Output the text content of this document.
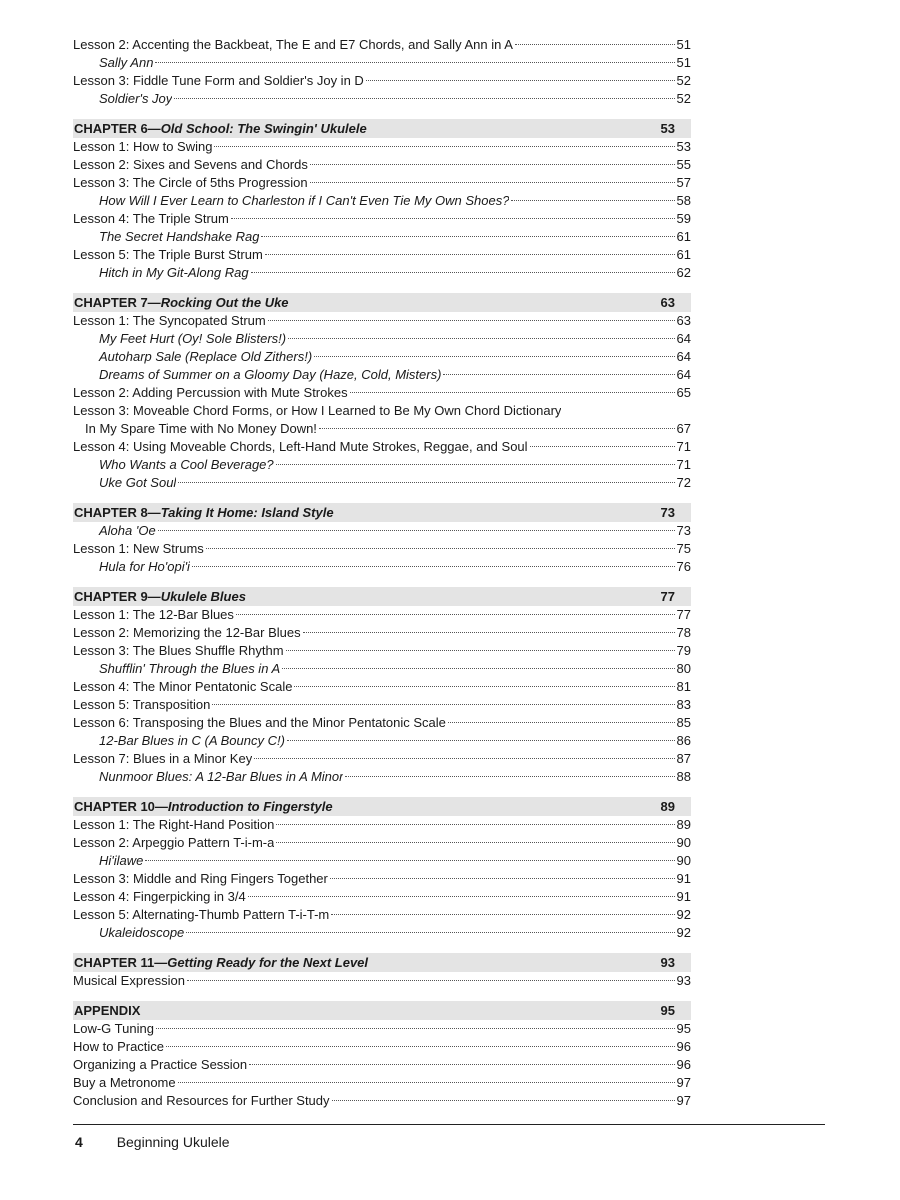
Lesson 2: Accenting the Backbeat, The E and E7 Chords, and Sally Ann in A	51
Sally Ann	51
Lesson 3: Fiddle Tune Form and Soldier's Joy in D	52
Soldier's Joy	52
CHAPTER 6—Old School: The Swingin' Ukulele	53
Lesson 1: How to Swing	53
Lesson 2: Sixes and Sevens and Chords	55
Lesson 3: The Circle of 5ths Progression	57
How Will I Ever Learn to Charleston if I Can't Even Tie My Own Shoes?	58
Lesson 4: The Triple Strum	59
The Secret Handshake Rag	61
Lesson 5: The Triple Burst Strum	61
Hitch in My Git-Along Rag	62
CHAPTER 7—Rocking Out the Uke	63
Lesson 1: The Syncopated Strum	63
My Feet Hurt (Oy! Sole Blisters!)	64
Autoharp Sale (Replace Old Zithers!)	64
Dreams of Summer on a Gloomy Day (Haze, Cold, Misters)	64
Lesson 2: Adding Percussion with Mute Strokes	65
Lesson 3: Moveable Chord Forms, or How I Learned to Be My Own Chord Dictionary
In My Spare Time with No Money Down!	67
Lesson 4: Using Moveable Chords, Left-Hand Mute Strokes, Reggae, and Soul	71
Who Wants a Cool Beverage?	71
Uke Got Soul	72
CHAPTER 8—Taking It Home: Island Style	73
Aloha 'Oe	73
Lesson 1: New Strums	75
Hula for Ho'opi'i	76
CHAPTER 9—Ukulele Blues	77
Lesson 1: The 12-Bar Blues	77
Lesson 2: Memorizing the 12-Bar Blues	78
Lesson 3: The Blues Shuffle Rhythm	79
Shufflin' Through the Blues in A	80
Lesson 4: The Minor Pentatonic Scale	81
Lesson 5: Transposition	83
Lesson 6: Transposing the Blues and the Minor Pentatonic Scale	85
12-Bar Blues in C (A Bouncy C!)	86
Lesson 7: Blues in a Minor Key	87
Nunmoor Blues: A 12-Bar Blues in A Minor	88
CHAPTER 10—Introduction to Fingerstyle	89
Lesson 1: The Right-Hand Position	89
Lesson 2: Arpeggio Pattern T-i-m-a	90
Hi'ilawe	90
Lesson 3: Middle and Ring Fingers Together	91
Lesson 4: Fingerpicking in 3/4	91
Lesson 5: Alternating-Thumb Pattern T-i-T-m	92
Ukaleidoscope	92
CHAPTER 11—Getting Ready for the Next Level	93
Musical Expression	93
APPENDIX	95
Low-G Tuning	95
How to Practice	96
Organizing a Practice Session	96
Buy a Metronome	97
Conclusion and Resources for Further Study	97
4 Beginning Ukulele
